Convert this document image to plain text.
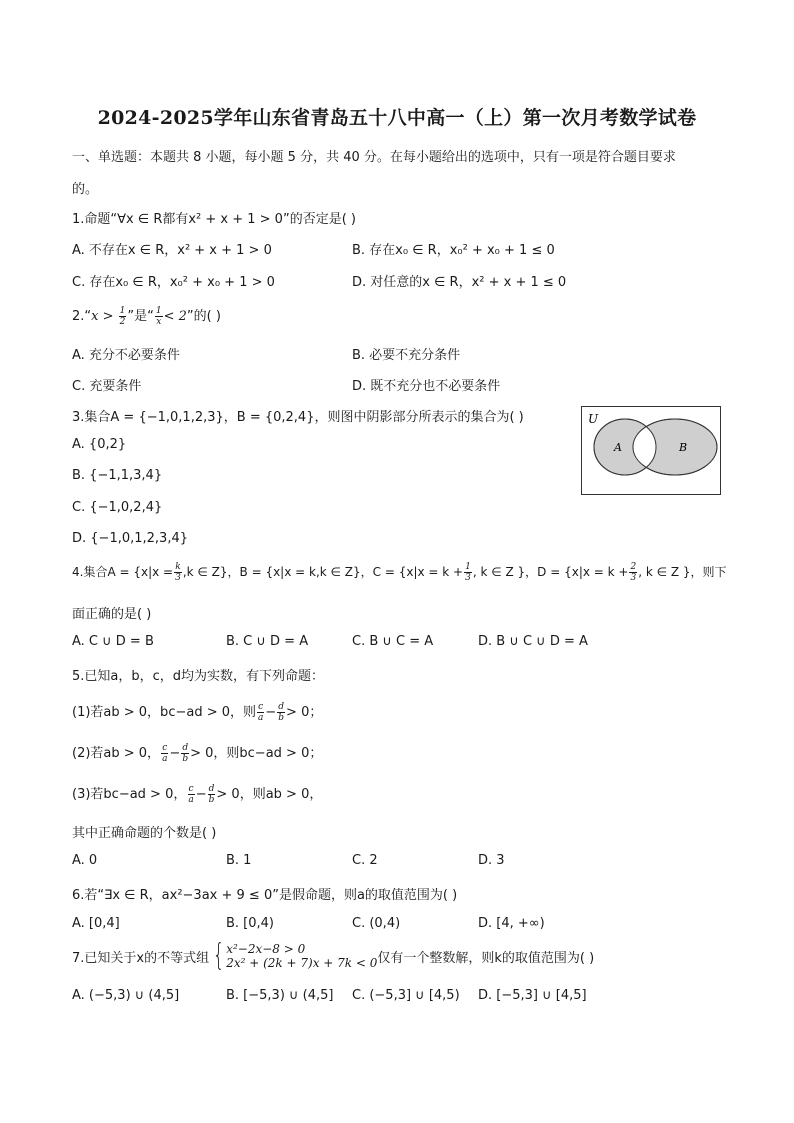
2024-2025学年山东省青岛五十八中高一（上）第一次月考数学试卷
一、单选题：本题共 8 小题，每小题 5 分，共 40 分。在每小题给出的选项中，只有一项是符合题目要求
的。
1.命题“∀x ∈ R都有x² + x + 1 > 0”的否定是( )
A. 不存在x ∈ R，x² + x + 1 > 0	B. 存在x₀ ∈ R，x₀² + x₀ + 1 ≤ 0
C. 存在x₀ ∈ R，x₀² + x₀ + 1 > 0	D. 对任意的x ∈ R，x² + x + 1 ≤ 0
2.“x > $\frac{1}{2}$ ”是“ $\frac{1}{x} < 2$”的( )
A. 充分不必要条件	B. 必要不充分条件
C. 充要条件	D. 既不充分也不必要条件
3.集合A = {−1,0,1,2,3}，B = {0,2,4}，则图中阴影部分所表示的集合为( )
A. {0,2}
B. {−1,1,3,4}
C. {−1,0,2,4}
D. {−1,0,1,2,3,4}
U
A	B
4.集合$A = \{x|x = \frac{k}{3} ,k$ ∈ Z}，B = {x|x = k,k ∈ Z}，$C = \{x|x = k + \frac{1}{3}$ , k ∈ Z }，$D = \{x|x = k + \frac{2}{3}$ , k ∈ Z }，则下
面正确的是( )
A. C ∪ D = B	B. C ∪ D = A	C. B ∪ C = A	D. B ∪ C ∪ D = A
5.已知a，b，c，d均为实数，有下列命题：
(1)若ab > 0，bc−ad > 0，则 $\frac{c}{a} - \frac{d}{b} > 0$；
(2)若ab > 0， $\frac{c}{a} - \frac{d}{b} > 0$，则bc−ad > 0；
(3)若bc−ad > 0， $\frac{c}{a} - \frac{d}{b} > 0$，则ab > 0，
其中正确命题的个数是( )
A. 0	B. 1	C. 2	D. 3
6.若“∃x ∈ R，ax²−3ax + 9 ≤ 0”是假命题，则a的取值范围为( )
A. [0,4]	B. [0,4)	C. (0,4)	D. [4, +∞)
7.已知关于x的不等式组 { x²−2x−8 > 0
2x² + (2k + 7)x + 7k < 0 仅有一个整数解，则k的取值范围为( )
A. (−5,3) ∪ (4,5]	B. [−5,3) ∪ (4,5] C. (−5,3] ∪ [4,5) D. [−5,3] ∪ [4,5]
